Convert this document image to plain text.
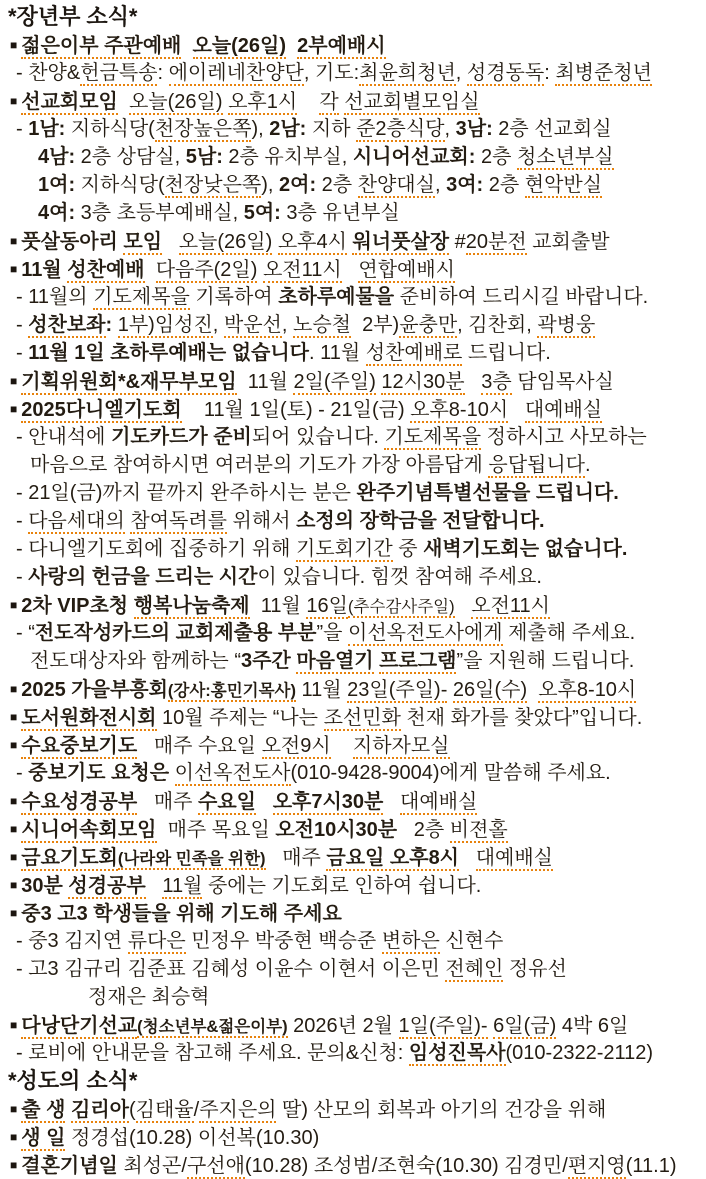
*장년부 소식*
■ 젊은이부 주관예배 오늘(26일) 2부예배시
- 찬양&헌금특송: 에이레네찬양단, 기도:최윤희청년, 성경동독: 최병준청년
■ 선교회모임 오늘(26일) 오후1시 각 선교회별모임실
- 1남: 지하식당(천장높은쪽), 2남: 지하 준2층식당, 3남: 2층 선교회실
4남: 2층 상담실, 5남: 2층 유치부실, 시니어선교회: 2층 청소년부실
1여: 지하식당(천장낮은쪽), 2여: 2층 찬양대실, 3여: 2층 현악반실
4여: 3층 초등부예배실, 5여: 3층 유년부실
■ 풋살동아리 모임 오늘(26일) 오후4시 워너풋살장 #20분전 교회출발
■ 11월 성찬예배 다음주(2일) 오전11시 연합예배시
- 11월의 기도제목을 기록하여 초하루예물을 준비하여 드리시길 바랍니다.
- 성찬보좌: 1부)임성진, 박운선, 노승철  2부)윤충만, 김찬회, 곽병웅
- 11월 1일 초하루예배는 없습니다. 11월 성찬예배로 드립니다.
■ 기획위원회*&재무부모임  11월 2일(주일) 12시30분 3층 담임목사실
■ 2025다니엘기도회    11월 1일(토) - 21일(금) 오후8-10시 대예배실
- 안내석에 기도카드가 준비되어 있습니다. 기도제목을 정하시고 사모하는
마음으로 참여하시면 여러분의 기도가 가장 아름답게 응답됩니다.
- 21일(금)까지 끝까지 완주하시는 분은 완주기념특별선물을 드립니다.
- 다음세대의 참여독려를 위해서 소정의 장학금을 전달합니다.
- 다니엘기도회에 집중하기 위해 기도회기간 중 새벽기도회는 없습니다.
- 사랑의 헌금을 드리는 시간이 있습니다. 힘껏 참여해 주세요.
■ 2차 VIP초청 행복나눔축제  11월 16일(추수감사주일) 오전11시
- “전도작성카드의 교회제출용 부분”을 이선옥전도사에게 제출해 주세요.
전도대상자와 함께하는 “3주간 마음열기 프로그램”을 지원해 드립니다.
■ 2025 가을부흥회(강사:홍민기목사) 11월 23일(주일)- 26일(수) 오후8-10시
■ 도서원화전시회 10월 주제는 “나는 조선민화 천재 화가를 찾았다”입니다.
■ 수요중보기도   매주 수요일 오전9시 지하자모실
- 중보기도 요청은 이선옥전도사(010-9428-9004)에게 말씀해 주세요.
■ 수요성경공부   매주 수요일 오후7시30분 대예배실
■ 시니어속회모임  매주 목요일 오전10시30분   2층 비젼홀
■ 금요기도회(나라와 민족을 위한)   매주 금요일 오후8시 대예배실
■ 30분 성경공부 11월 중에는 기도회로 인하여 쉽니다.
■ 중3 고3 학생들을 위해 기도해 주세요
- 중3 김지연 류다은 민정우 박중현 백승준 변하은 신현수
- 고3 김규리 김준표 김혜성 이윤수 이현서 이은민 전혜인 정유선
정재은 최승혁
■ 다낭단기선교(청소년부&젊은이부) 2026년 2월 1일(주일)- 6일(금) 4박 6일
- 로비에 안내문을 참고해 주세요. 문의&신청: 임성진목사(010-2322-2112)
*성도의 소식*
■ 출 생 김리아(김태율/주지은의 딸) 산모의 회복과 아기의 건강을 위해
■ 생 일 정경섭(10.28) 이선복(10.30)
■ 결혼기념일 최성곤/구선애(10.28) 조성범/조현숙(10.30) 김경민/편지영(11.1)
